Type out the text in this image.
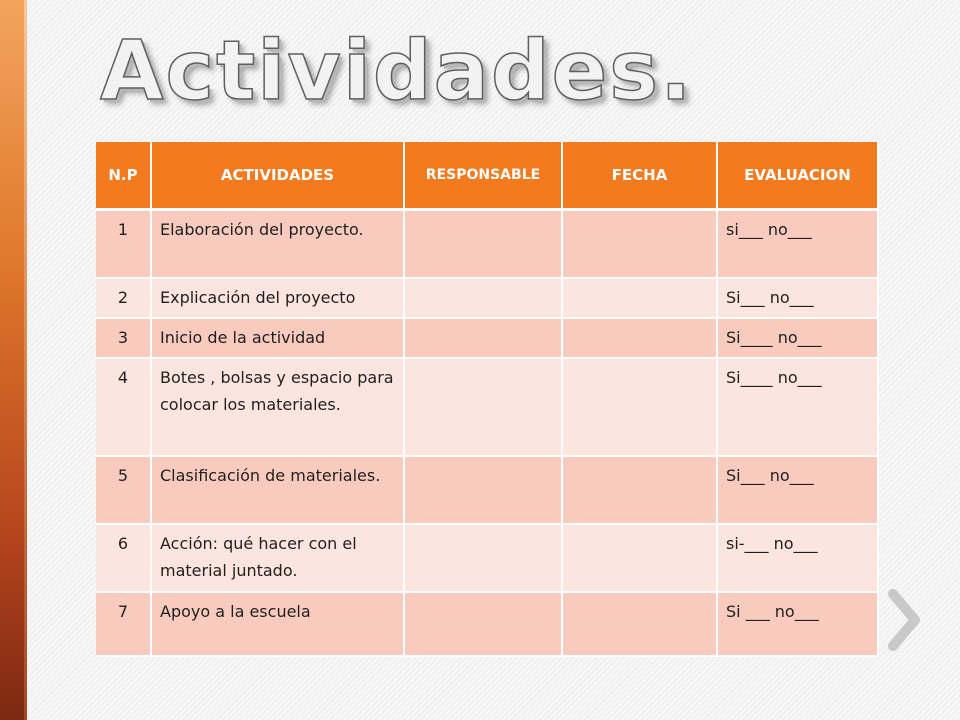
Actividades.
N.P	ACTIVIDADES	RESPONSABLE	FECHA	EVALUACION
1	Elaboración del proyecto.			si___ no___
2	Explicación del proyecto			Si___ no___
3	Inicio de la actividad			Si____ no___
4	Botes , bolsas y espacio para colocar los materiales.			Si____ no___
5	Clasificación de materiales.			Si___ no___
6	Acción: qué hacer con el material juntado.			si-___ no___
7	Apoyo a la escuela			Si ___ no___
